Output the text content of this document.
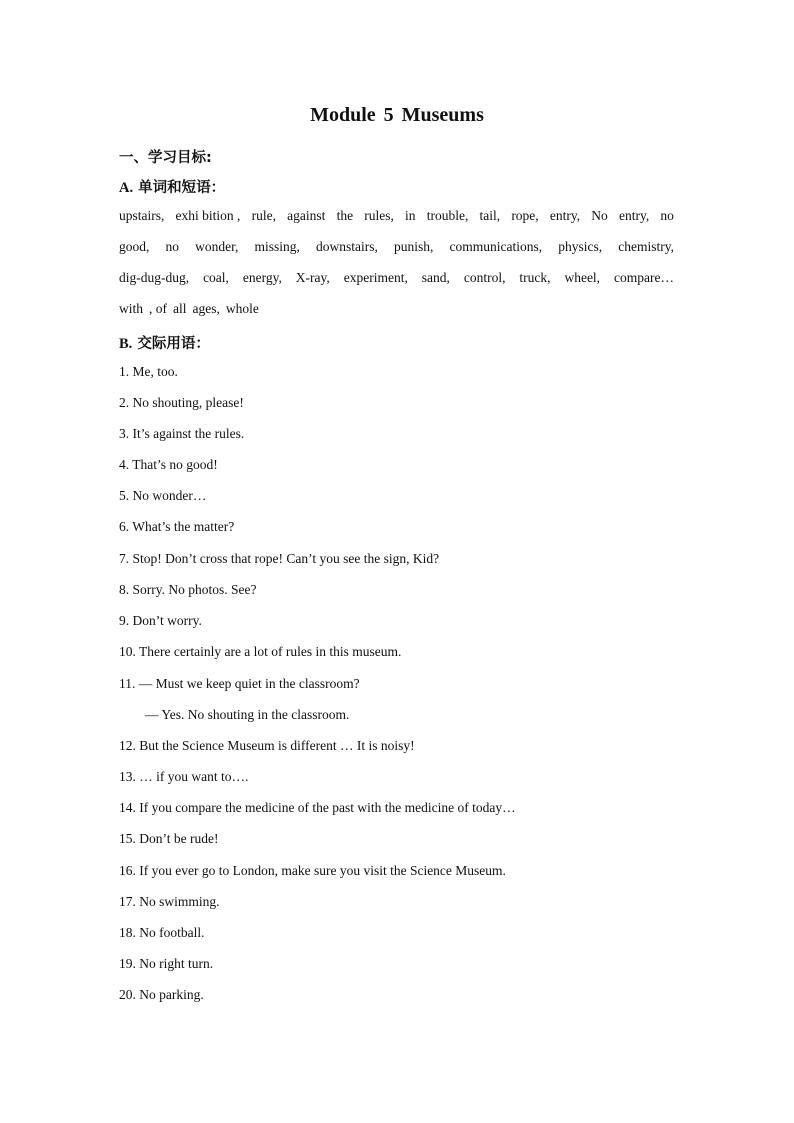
Module 5 Museums
一、学习目标:
A. 单词和短语：
upstairs, exhi bition , rule, against the rules, in trouble, tail, rope, entry, No entry, no
good, no wonder, missing, downstairs, punish, communications, physics, chemistry,
dig-dug-dug, coal, energy, X-ray, experiment, sand, control, truck, wheel, compare…
with , of all ages, whole
B. 交际用语：
1. Me, too.
2. No shouting, please!
3. It’s against the rules.
4. That’s no good!
5. No wonder…
6. What’s the matter?
7. Stop! Don’t cross that rope! Can’t you see the sign, Kid?
8. Sorry. No photos. See?
9. Don’t worry.
10. There certainly are a lot of rules in this museum.
11. — Must we keep quiet in the classroom?
— Yes. No shouting in the classroom.
12. But the Science Museum is different … It is noisy!
13. … if you want to….
14. If you compare the medicine of the past with the medicine of today…
15. Don’t be rude!
16. If you ever go to London, make sure you visit the Science Museum.
17. No swimming.
18. No football.
19. No right turn.
20. No parking.
